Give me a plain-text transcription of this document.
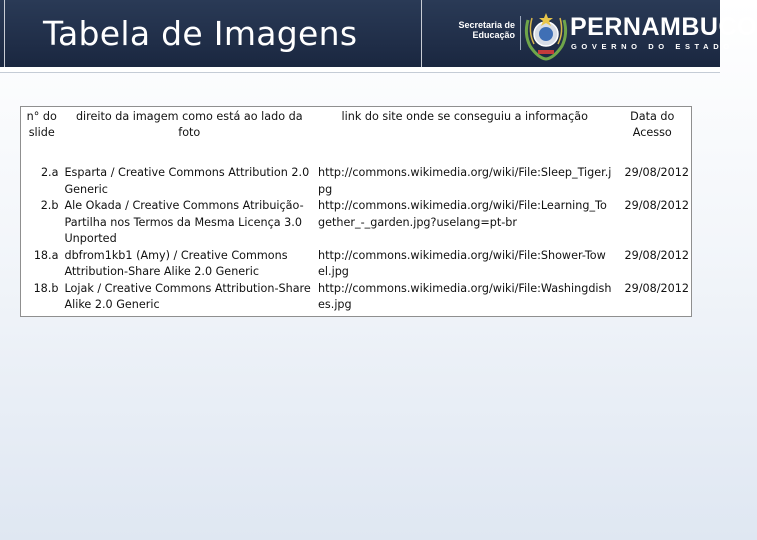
Tabela de Imagens	Secretaria de
Educação PERNAMBUCO
GOVERNO DO ESTADO
n° do slide	direito da imagem como está ao lado da foto	link do site onde se conseguiu a informação	Data do Acesso
2.a	Esparta / Creative Commons Attribution 2.0 Generic	http://commons.wikimedia.org/wiki/File:Sleep_Tiger.jpg	29/08/2012
2.b	Ale Okada / Creative Commons Atribuição-Partilha nos Termos da Mesma Licença 3.0 Unported	http://commons.wikimedia.org/wiki/File:Learning_Together_-_garden.jpg?uselang=pt-br	29/08/2012
18.a	dbfrom1kb1 (Amy) / Creative Commons Attribution-Share Alike 2.0 Generic	http://commons.wikimedia.org/wiki/File:Shower-Towel.jpg	29/08/2012
18.b	Lojak / Creative Commons Attribution-Share Alike 2.0 Generic	http://commons.wikimedia.org/wiki/File:Washingdishes.jpg	29/08/2012
